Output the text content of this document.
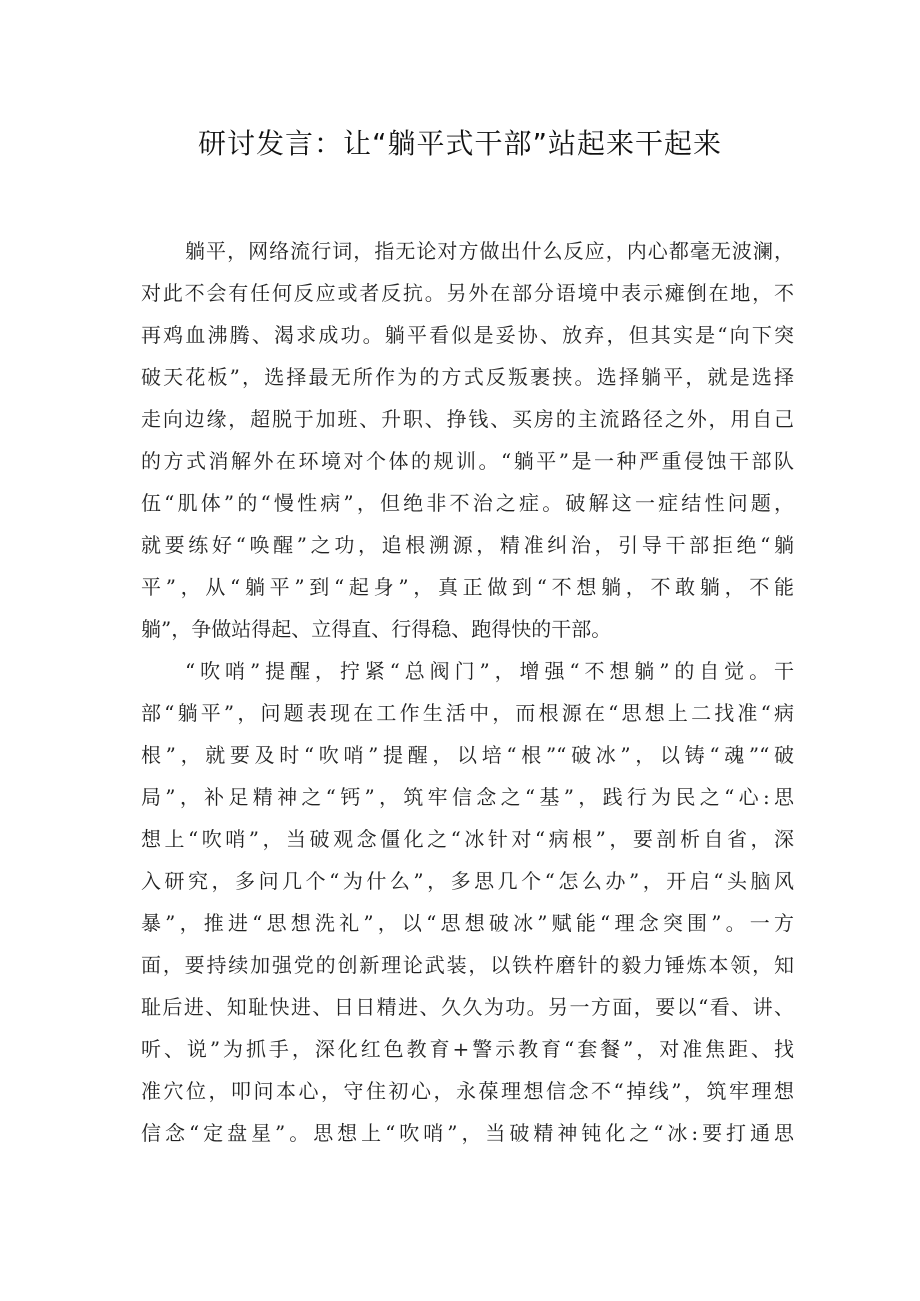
研讨发言：让“躺平式干部”站起来干起来
躺平，网络流行词，指无论对方做出什么反应，内心都毫无波澜，
对此不会有任何反应或者反抗。另外在部分语境中表示瘫倒在地，不
再鸡血沸腾、渴求成功。躺平看似是妥协、放弃，但其实是“向下突
破天花板”，选择最无所作为的方式反叛裹挟。选择躺平，就是选择
走向边缘，超脱于加班、升职、挣钱、买房的主流路径之外，用自己
的方式消解外在环境对个体的规训。“躺平”是一种严重侵蚀干部队
伍“肌体”的“慢性病”，但绝非不治之症。破解这一症结性问题，
就要练好“唤醒”之功，追根溯源，精准纠治，引导干部拒绝“躺
平”，从“躺平”到“起身”，真正做到“不想躺，不敢躺，不能
躺”，争做站得起、立得直、行得稳、跑得快的干部。
“吹哨”提醒，拧紧“总阀门”，增强“不想躺”的自觉。干
部“躺平”，问题表现在工作生活中，而根源在“思想上二找准“病
根”，就要及时“吹哨”提醒，以培“根”“破冰”，以铸“魂”“破
局”，补足精神之“钙”，筑牢信念之“基”，践行为民之“心:思
想上“吹哨”，当破观念僵化之“冰针对“病根”，要剖析自省，深
入研究，多问几个“为什么”，多思几个“怎么办”，开启“头脑风
暴”，推进“思想洗礼”，以“思想破冰”赋能“理念突围”。一方
面，要持续加强党的创新理论武装，以铁杵磨针的毅力锤炼本领，知
耻后进、知耻快进、日日精进、久久为功。另一方面，要以“看、讲、
听、说”为抓手，深化红色教育+警示教育“套餐”，对准焦距、找
准穴位，叩问本心，守住初心，永葆理想信念不“掉线”，筑牢理想
信念“定盘星”。思想上“吹哨”，当破精神钝化之“冰:要打通思
